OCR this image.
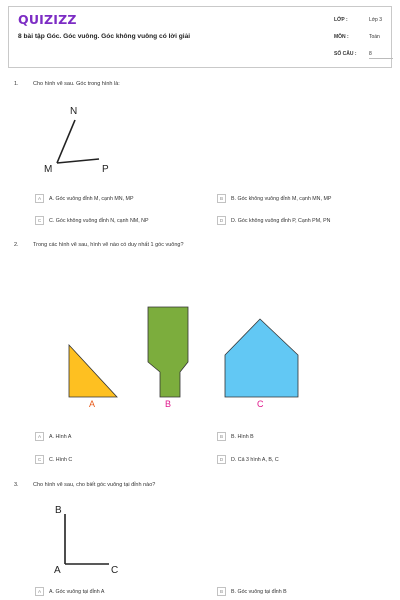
QUIZIZZ
8 bài tập Góc. Góc vuông. Góc không vuông có lời giải
LỚP :	Lớp 3
MÔN :	Toán
SỐ CÂU :	8
1.	Cho hình vẽ sau. Góc trong hình là:
N
M	P
A	A. Góc vuông đỉnh M, cạnh MN, MP	B	B. Góc không vuông đỉnh M, cạnh MN, MP
C	C. Góc không vuông đỉnh N, cạnh NM, NP	D	D. Góc không vuông đỉnh P, Cạnh PM, PN
2.	Trong các hình vẽ sau, hình vẽ nào có duy nhất 1 góc vuông?
A	B	C
A	A. Hình A	B	B. Hình B
C	C. Hình C	D	D. Cả 3 hình A, B, C
3.	Cho hình vẽ sau, cho biết góc vuông tại đỉnh nào?
B
A	C
A	A. Góc vuông tại đỉnh A	B	B. Góc vuông tại đỉnh B
